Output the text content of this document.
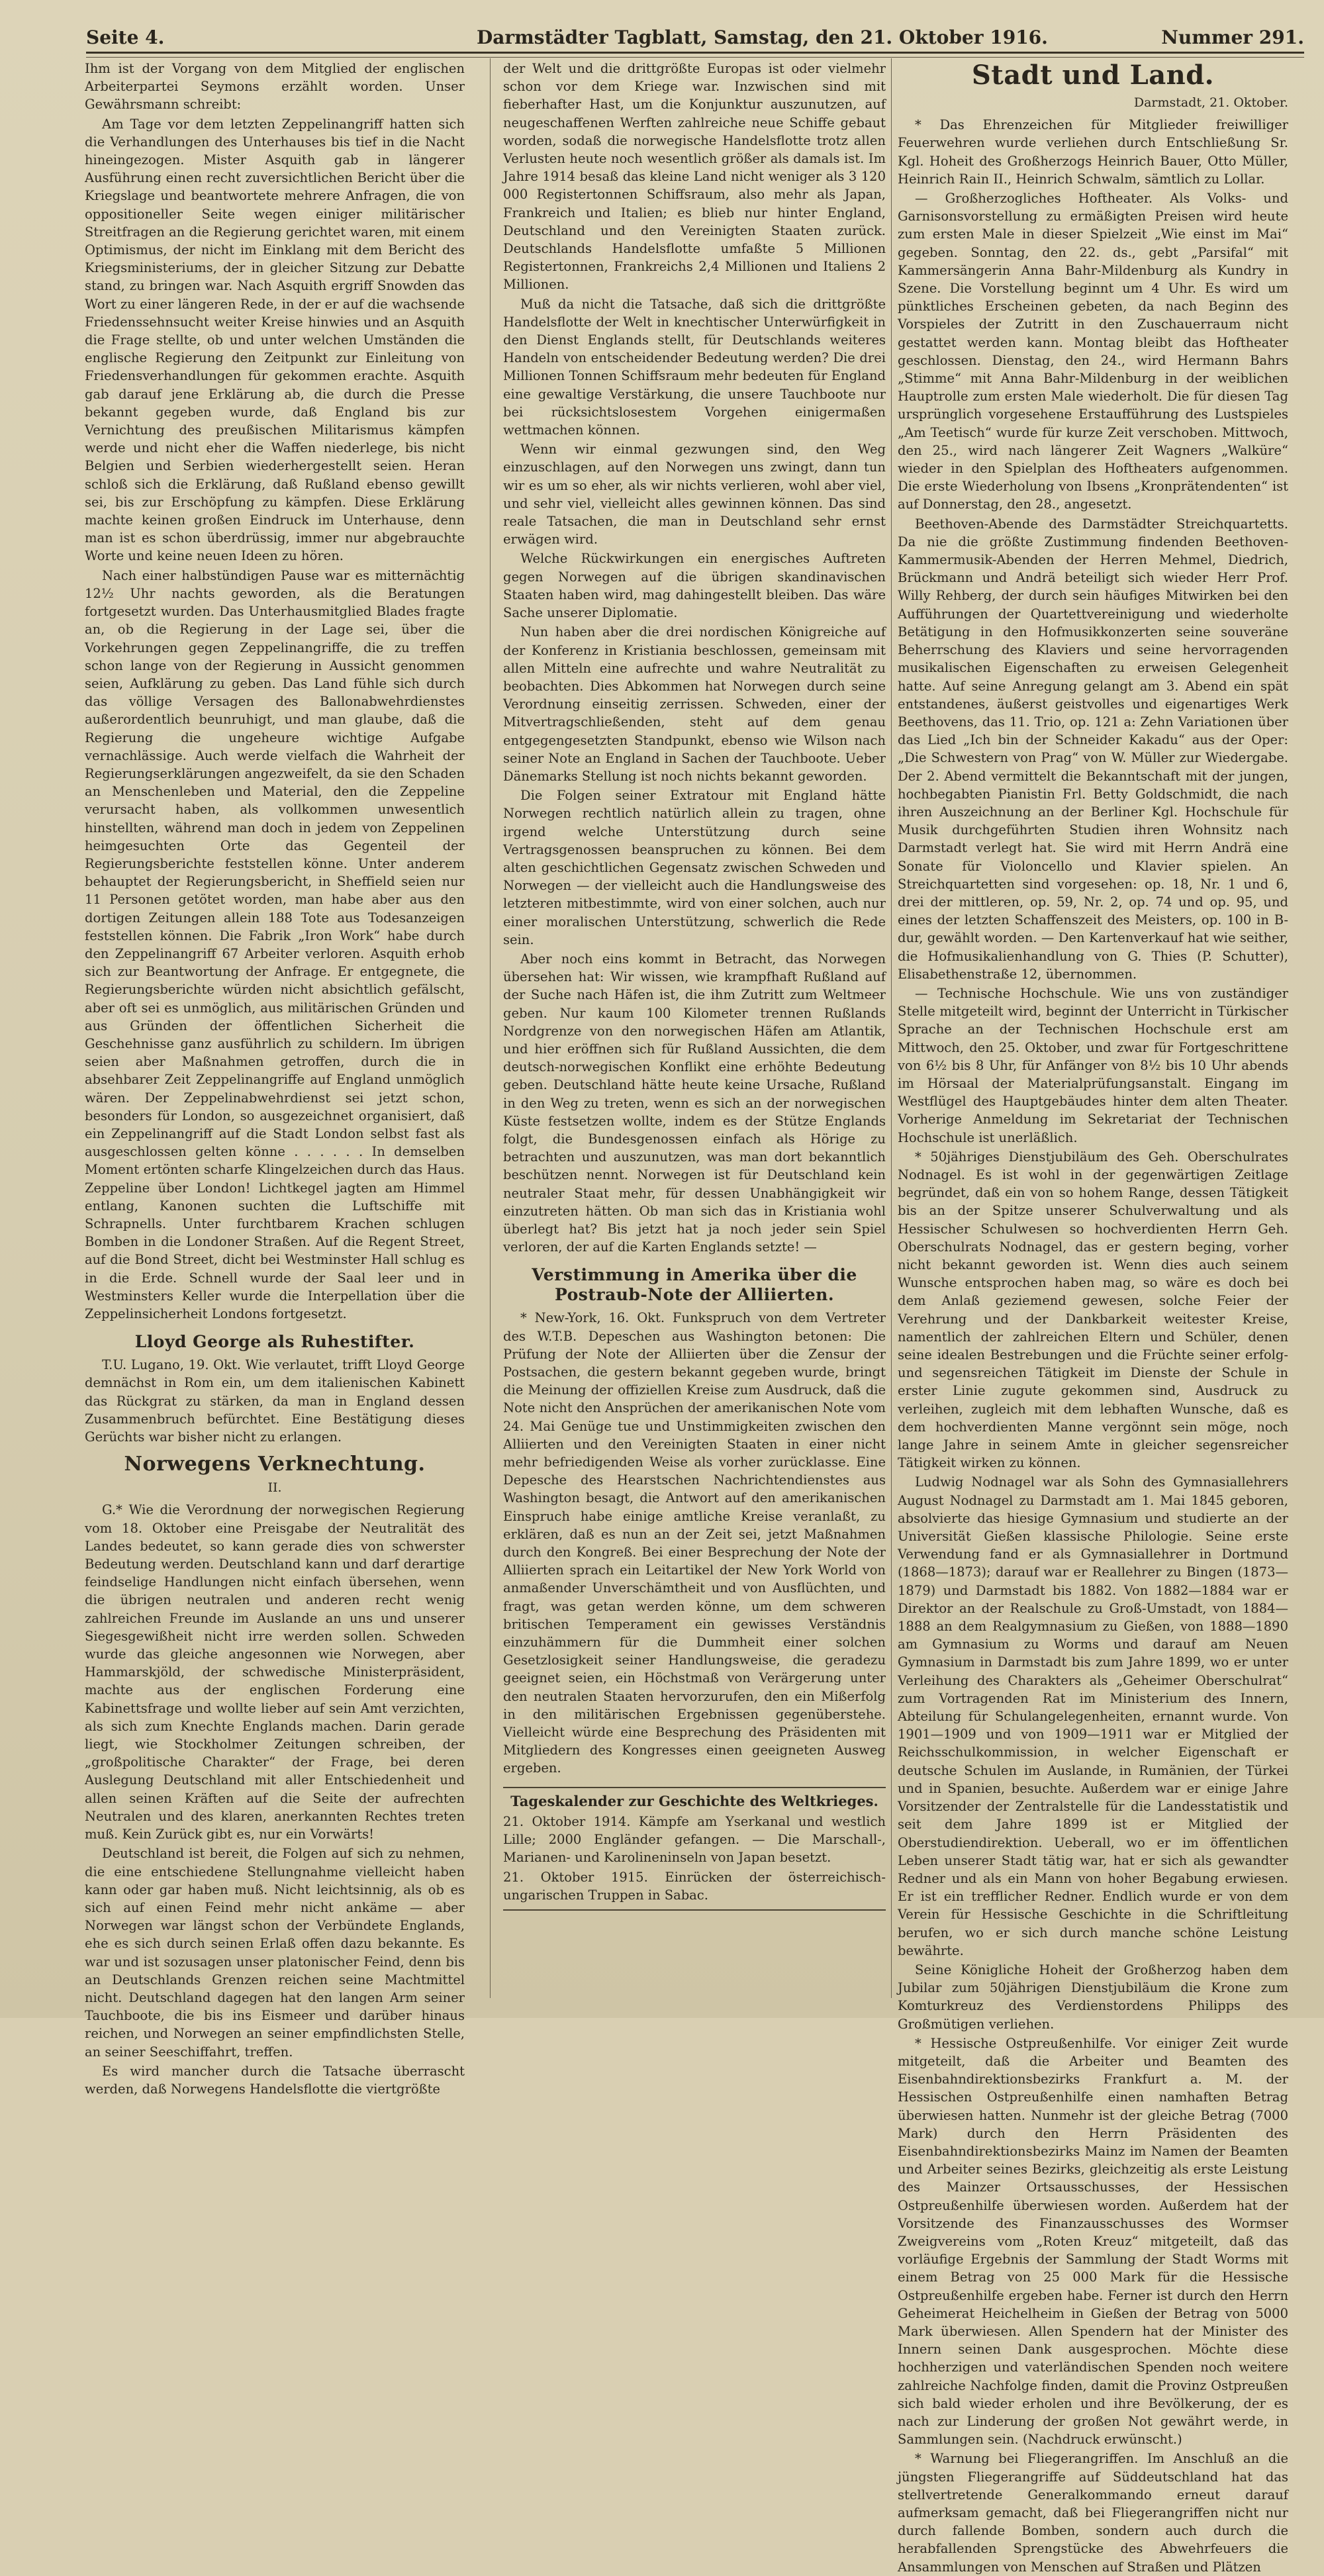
Seite 4.	Darmstädter Tagblatt, Samstag, den 21. Oktober 1916.	Nummer 291.

Ihm ist der Vorgang von dem Mitglied der englischen Arbeiterpartei Seymons erzählt worden. Unser Gewährsmann schreibt:

Am Tage vor dem letzten Zeppelinangriff hatten sich die Verhandlungen des Unterhauses bis tief in die Nacht hineingezogen. Mister Asquith gab in längerer Ausführung einen recht zuversichtlichen Bericht über die Kriegslage und beantwortete mehrere Anfragen, die von oppositioneller Seite wegen einiger militärischer Streitfragen an die Regierung gerichtet waren, mit einem Optimismus, der nicht im Einklang mit dem Bericht des Kriegsministeriums, der in gleicher Sitzung zur Debatte stand, zu bringen war. Nach Asquith ergriff Snowden das Wort zu einer längeren Rede, in der er auf die wachsende Friedenssehnsucht weiter Kreise hinwies und an Asquith die Frage stellte, ob und unter welchen Umständen die englische Regierung den Zeitpunkt zur Einleitung von Friedensverhandlungen für gekommen erachte. Asquith gab darauf jene Erklärung ab, die durch die Presse bekannt gegeben wurde, daß England bis zur Vernichtung des preußischen Militarismus kämpfen werde und nicht eher die Waffen niederlege, bis nicht Belgien und Serbien wiederhergestellt seien. Heran schloß sich die Erklärung, daß Rußland ebenso gewillt sei, bis zur Erschöpfung zu kämpfen. Diese Erklärung machte keinen großen Eindruck im Unterhause, denn man ist es schon überdrüssig, immer nur abgebrauchte Worte und keine neuen Ideen zu hören.

Nach einer halbstündigen Pause war es mitternächtig 12½ Uhr nachts geworden, als die Beratungen fortgesetzt wurden. Das Unterhausmitglied Blades fragte an, ob die Regierung in der Lage sei, über die Vorkehrungen gegen Zeppelinangriffe, die zu treffen schon lange von der Regierung in Aussicht genommen seien, Aufklärung zu geben. Das Land fühle sich durch das völlige Versagen des Ballonabwehrdienstes außerordentlich beunruhigt, und man glaube, daß die Regierung die ungeheure wichtige Aufgabe vernachlässige. Auch werde vielfach die Wahrheit der Regierungserklärungen angezweifelt, da sie den Schaden an Menschenleben und Material, den die Zeppeline verursacht haben, als vollkommen unwesentlich hinstellten, während man doch in jedem von Zeppelinen heimgesuchten Orte das Gegenteil der Regierungsberichte feststellen könne. Unter anderem behauptet der Regierungsbericht, in Sheffield seien nur 11 Personen getötet worden, man habe aber aus den dortigen Zeitungen allein 188 Tote aus Todesanzeigen feststellen können. Die Fabrik „Iron Work“ habe durch den Zeppelinangriff 67 Arbeiter verloren. Asquith erhob sich zur Beantwortung der Anfrage. Er entgegnete, die Regierungsberichte würden nicht absichtlich gefälscht, aber oft sei es unmöglich, aus militärischen Gründen und aus Gründen der öffentlichen Sicherheit die Geschehnisse ganz ausführlich zu schildern. Im übrigen seien aber Maßnahmen getroffen, durch die in absehbarer Zeit Zeppelinangriffe auf England unmöglich wären. Der Zeppelinabwehrdienst sei jetzt schon, besonders für London, so ausgezeichnet organisiert, daß ein Zeppelinangriff auf die Stadt London selbst fast als ausgeschlossen gelten könne . . . . . . In demselben Moment ertönten scharfe Klingelzeichen durch das Haus. Zeppeline über London! Lichtkegel jagten am Himmel entlang, Kanonen suchten die Luftschiffe mit Schrapnells. Unter furchtbarem Krachen schlugen Bomben in die Londoner Straßen. Auf die Regent Street, auf die Bond Street, dicht bei Westminster Hall schlug es in die Erde. Schnell wurde der Saal leer und in Westminsters Keller wurde die Interpellation über die Zeppelinsicherheit Londons fortgesetzt.

Lloyd George als Ruhestifter.

T.U. Lugano, 19. Okt. Wie verlautet, trifft Lloyd George demnächst in Rom ein, um dem italienischen Kabinett das Rückgrat zu stärken, da man in England dessen Zusammenbruch befürchtet. Eine Bestätigung dieses Gerüchts war bisher nicht zu erlangen.

Norwegens Verknechtung.
II.

G.* Wie die Verordnung der norwegischen Regierung vom 18. Oktober eine Preisgabe der Neutralität des Landes bedeutet, so kann gerade dies von schwerster Bedeutung werden. Deutschland kann und darf derartige feindselige Handlungen nicht einfach übersehen, wenn die übrigen neutralen und anderen recht wenig zahlreichen Freunde im Auslande an uns und unserer Siegesgewißheit nicht irre werden sollen. Schweden wurde das gleiche angesonnen wie Norwegen, aber Hammarskjöld, der schwedische Ministerpräsident, machte aus der englischen Forderung eine Kabinettsfrage und wollte lieber auf sein Amt verzichten, als sich zum Knechte Englands machen. Darin gerade liegt, wie Stockholmer Zeitungen schreiben, der „großpolitische Charakter“ der Frage, bei deren Auslegung Deutschland mit aller Entschiedenheit und allen seinen Kräften auf die Seite der aufrechten Neutralen und des klaren, anerkannten Rechtes treten muß. Kein Zurück gibt es, nur ein Vorwärts!

Deutschland ist bereit, die Folgen auf sich zu nehmen, die eine entschiedene Stellungnahme vielleicht haben kann oder gar haben muß. Nicht leichtsinnig, als ob es sich auf einen Feind mehr nicht ankäme — aber Norwegen war längst schon der Verbündete Englands, ehe es sich durch seinen Erlaß offen dazu bekannte. Es war und ist sozusagen unser platonischer Feind, denn bis an Deutschlands Grenzen reichen seine Machtmittel nicht. Deutschland dagegen hat den langen Arm seiner Tauchboote, die bis ins Eismeer und darüber hinaus reichen, und Norwegen an seiner empfindlichsten Stelle, an seiner Seeschiffahrt, treffen.

Es wird mancher durch die Tatsache überrascht werden, daß Norwegens Handelsflotte die viertgrößte

der Welt und die drittgrößte Europas ist oder vielmehr schon vor dem Kriege war. Inzwischen sind mit fieberhafter Hast, um die Konjunktur auszunutzen, auf neugeschaffenen Werften zahlreiche neue Schiffe gebaut worden, sodaß die norwegische Handelsflotte trotz allen Verlusten heute noch wesentlich größer als damals ist. Im Jahre 1914 besaß das kleine Land nicht weniger als 3 120 000 Registertonnen Schiffsraum, also mehr als Japan, Frankreich und Italien; es blieb nur hinter England, Deutschland und den Vereinigten Staaten zurück. Deutschlands Handelsflotte umfaßte 5 Millionen Registertonnen, Frankreichs 2,4 Millionen und Italiens 2 Millionen.

Muß da nicht die Tatsache, daß sich die drittgrößte Handelsflotte der Welt in knechtischer Unterwürfigkeit in den Dienst Englands stellt, für Deutschlands weiteres Handeln von entscheidender Bedeutung werden? Die drei Millionen Tonnen Schiffsraum mehr bedeuten für England eine gewaltige Verstärkung, die unsere Tauchboote nur bei rücksichtslosestem Vorgehen einigermaßen wettmachen können.

Wenn wir einmal gezwungen sind, den Weg einzuschlagen, auf den Norwegen uns zwingt, dann tun wir es um so eher, als wir nichts verlieren, wohl aber viel, und sehr viel, vielleicht alles gewinnen können. Das sind reale Tatsachen, die man in Deutschland sehr ernst erwägen wird.

Welche Rückwirkungen ein energisches Auftreten gegen Norwegen auf die übrigen skandinavischen Staaten haben wird, mag dahingestellt bleiben. Das wäre Sache unserer Diplomatie.

Nun haben aber die drei nordischen Königreiche auf der Konferenz in Kristiania beschlossen, gemeinsam mit allen Mitteln eine aufrechte und wahre Neutralität zu beobachten. Dies Abkommen hat Norwegen durch seine Verordnung einseitig zerrissen. Schweden, einer der Mitvertragschließenden, steht auf dem genau entgegengesetzten Standpunkt, ebenso wie Wilson nach seiner Note an England in Sachen der Tauchboote. Ueber Dänemarks Stellung ist noch nichts bekannt geworden.

Die Folgen seiner Extratour mit England hätte Norwegen rechtlich natürlich allein zu tragen, ohne irgend welche Unterstützung durch seine Vertragsgenossen beanspruchen zu können. Bei dem alten geschichtlichen Gegensatz zwischen Schweden und Norwegen — der vielleicht auch die Handlungsweise des letzteren mitbestimmte, wird von einer solchen, auch nur einer moralischen Unterstützung, schwerlich die Rede sein.

Aber noch eins kommt in Betracht, das Norwegen übersehen hat: Wir wissen, wie krampfhaft Rußland auf der Suche nach Häfen ist, die ihm Zutritt zum Weltmeer geben. Nur kaum 100 Kilometer trennen Rußlands Nordgrenze von den norwegischen Häfen am Atlantik, und hier eröffnen sich für Rußland Aussichten, die dem deutsch-norwegischen Konflikt eine erhöhte Bedeutung geben. Deutschland hätte heute keine Ursache, Rußland in den Weg zu treten, wenn es sich an der norwegischen Küste festsetzen wollte, indem es der Stütze Englands folgt, die Bundesgenossen einfach als Hörige zu betrachten und auszunutzen, was man dort bekanntlich beschützen nennt. Norwegen ist für Deutschland kein neutraler Staat mehr, für dessen Unabhängigkeit wir einzutreten hätten. Ob man sich das in Kristiania wohl überlegt hat? Bis jetzt hat ja noch jeder sein Spiel verloren, der auf die Karten Englands setzte! —

Verstimmung in Amerika über die Postraub-Note der Alliierten.

* New-York, 16. Okt. Funkspruch von dem Vertreter des W.T.B. Depeschen aus Washington betonen: Die Prüfung der Note der Alliierten über die Zensur der Postsachen, die gestern bekannt gegeben wurde, bringt die Meinung der offiziellen Kreise zum Ausdruck, daß die Note nicht den Ansprüchen der amerikanischen Note vom 24. Mai Genüge tue und Unstimmigkeiten zwischen den Alliierten und den Vereinigten Staaten in einer nicht mehr befriedigenden Weise als vorher zurücklasse. Eine Depesche des Hearstschen Nachrichtendienstes aus Washington besagt, die Antwort auf den amerikanischen Einspruch habe einige amtliche Kreise veranlaßt, zu erklären, daß es nun an der Zeit sei, jetzt Maßnahmen durch den Kongreß. Bei einer Besprechung der Note der Alliierten sprach ein Leitartikel der New York World von anmaßender Unverschämtheit und von Ausflüchten, und fragt, was getan werden könne, um dem schweren britischen Temperament ein gewisses Verständnis einzuhämmern für die Dummheit einer solchen Gesetzlosigkeit seiner Handlungsweise, die geradezu geeignet seien, ein Höchstmaß von Verärgerung unter den neutralen Staaten hervorzurufen, den ein Mißerfolg in den militärischen Ergebnissen gegenüberstehe. Vielleicht würde eine Besprechung des Präsidenten mit Mitgliedern des Kongresses einen geeigneten Ausweg ergeben.

Tageskalender zur Geschichte des Weltkrieges.

21. Oktober 1914. Kämpfe am Yserkanal und westlich Lille; 2000 Engländer gefangen. — Die Marschall-, Marianen- und Karolineninseln von Japan besetzt.

21. Oktober 1915. Einrücken der österreichisch-ungarischen Truppen in Sabac.

Stadt und Land.
Darmstadt, 21. Oktober.

* Das Ehrenzeichen für Mitglieder freiwilliger Feuerwehren wurde verliehen durch Entschließung Sr. Kgl. Hoheit des Großherzogs Heinrich Bauer, Otto Müller, Heinrich Rain II., Heinrich Schwalm, sämtlich zu Lollar.

— Großherzogliches Hoftheater. Als Volks- und Garnisonsvorstellung zu ermäßigten Preisen wird heute zum ersten Male in dieser Spielzeit „Wie einst im Mai“ gegeben. Sonntag, den 22. ds., gebt „Parsifal“ mit Kammersängerin Anna Bahr-Mildenburg als Kundry in Szene. Die Vorstellung beginnt um 4 Uhr. Es wird um pünktliches Erscheinen gebeten, da nach Beginn des Vorspieles der Zutritt in den Zuschauerraum nicht gestattet werden kann. Montag bleibt das Hoftheater geschlossen. Dienstag, den 24., wird Hermann Bahrs „Stimme“ mit Anna Bahr-Mildenburg in der weiblichen Hauptrolle zum ersten Male wiederholt. Die für diesen Tag ursprünglich vorgesehene Erstaufführung des Lustspieles „Am Teetisch“ wurde für kurze Zeit verschoben. Mittwoch, den 25., wird nach längerer Zeit Wagners „Walküre“ wieder in den Spielplan des Hoftheaters aufgenommen. Die erste Wiederholung von Ibsens „Kronprätendenten“ ist auf Donnerstag, den 28., angesetzt.

Beethoven-Abende des Darmstädter Streichquartetts. Da nie die größte Zustimmung findenden Beethoven-Kammermusik-Abenden der Herren Mehmel, Diedrich, Brückmann und Andrä beteiligt sich wieder Herr Prof. Willy Rehberg, der durch sein häufiges Mitwirken bei den Aufführungen der Quartettvereinigung und wiederholte Betätigung in den Hofmusikkonzerten seine souveräne Beherrschung des Klaviers und seine hervorragenden musikalischen Eigenschaften zu erweisen Gelegenheit hatte. Auf seine Anregung gelangt am 3. Abend ein spät entstandenes, äußerst geistvolles und eigenartiges Werk Beethovens, das 11. Trio, op. 121 a: Zehn Variationen über das Lied „Ich bin der Schneider Kakadu“ aus der Oper: „Die Schwestern von Prag“ von W. Müller zur Wiedergabe. Der 2. Abend vermittelt die Bekanntschaft mit der jungen, hochbegabten Pianistin Frl. Betty Goldschmidt, die nach ihren Auszeichnung an der Berliner Kgl. Hochschule für Musik durchgeführten Studien ihren Wohnsitz nach Darmstadt verlegt hat. Sie wird mit Herrn Andrä eine Sonate für Violoncello und Klavier spielen. An Streichquartetten sind vorgesehen: op. 18, Nr. 1 und 6, drei der mittleren, op. 59, Nr. 2, op. 74 und op. 95, und eines der letzten Schaffenszeit des Meisters, op. 100 in B-dur, gewählt worden. — Den Kartenverkauf hat wie seither, die Hofmusikalienhandlung von G. Thies (P. Schutter), Elisabethenstraße 12, übernommen.

— Technische Hochschule. Wie uns von zuständiger Stelle mitgeteilt wird, beginnt der Unterricht in Türkischer Sprache an der Technischen Hochschule erst am Mittwoch, den 25. Oktober, und zwar für Fortgeschrittene von 6½ bis 8 Uhr, für Anfänger von 8½ bis 10 Uhr abends im Hörsaal der Materialprüfungsanstalt. Eingang im Westflügel des Hauptgebäudes hinter dem alten Theater. Vorherige Anmeldung im Sekretariat der Technischen Hochschule ist unerläßlich.

* 50jähriges Dienstjubiläum des Geh. Oberschulrates Nodnagel. Es ist wohl in der gegenwärtigen Zeitlage begründet, daß ein von so hohem Range, dessen Tätigkeit bis an der Spitze unserer Schulverwaltung und als Hessischer Schulwesen so hochverdienten Herrn Geh. Oberschulrats Nodnagel, das er gestern beging, vorher nicht bekannt geworden ist. Wenn dies auch seinem Wunsche entsprochen haben mag, so wäre es doch bei dem Anlaß geziemend gewesen, solche Feier der Verehrung und der Dankbarkeit weitester Kreise, namentlich der zahlreichen Eltern und Schüler, denen seine idealen Bestrebungen und die Früchte seiner erfolg- und segensreichen Tätigkeit im Dienste der Schule in erster Linie zugute gekommen sind, Ausdruck zu verleihen, zugleich mit dem lebhaften Wunsche, daß es dem hochverdienten Manne vergönnt sein möge, noch lange Jahre in seinem Amte in gleicher segensreicher Tätigkeit wirken zu können.

Ludwig Nodnagel war als Sohn des Gymnasiallehrers August Nodnagel zu Darmstadt am 1. Mai 1845 geboren, absolvierte das hiesige Gymnasium und studierte an der Universität Gießen klassische Philologie. Seine erste Verwendung fand er als Gymnasiallehrer in Dortmund (1868—1873); darauf war er Reallehrer zu Bingen (1873—1879) und Darmstadt bis 1882. Von 1882—1884 war er Direktor an der Realschule zu Groß-Umstadt, von 1884—1888 an dem Realgymnasium zu Gießen, von 1888—1890 am Gymnasium zu Worms und darauf am Neuen Gymnasium in Darmstadt bis zum Jahre 1899, wo er unter Verleihung des Charakters als „Geheimer Oberschulrat“ zum Vortragenden Rat im Ministerium des Innern, Abteilung für Schulangelegenheiten, ernannt wurde. Von 1901—1909 und von 1909—1911 war er Mitglied der Reichsschulkommission, in welcher Eigenschaft er deutsche Schulen im Auslande, in Rumänien, der Türkei und in Spanien, besuchte. Außerdem war er einige Jahre Vorsitzender der Zentralstelle für die Landesstatistik und seit dem Jahre 1899 ist er Mitglied der Oberstudiendirektion. Ueberall, wo er im öffentlichen Leben unserer Stadt tätig war, hat er sich als gewandter Redner und als ein Mann von hoher Begabung erwiesen. Er ist ein trefflicher Redner. Endlich wurde er von dem Verein für Hessische Geschichte in die Schriftleitung berufen, wo er sich durch manche schöne Leistung bewährte.

Seine Königliche Hoheit der Großherzog haben dem Jubilar zum 50jährigen Dienstjubiläum die Krone zum Komturkreuz des Verdienstordens Philipps des Großmütigen verliehen.

* Hessische Ostpreußenhilfe. Vor einiger Zeit wurde mitgeteilt, daß die Arbeiter und Beamten des Eisenbahndirektionsbezirks Frankfurt a. M. der Hessischen Ostpreußenhilfe einen namhaften Betrag überwiesen hatten. Nunmehr ist der gleiche Betrag (7000 Mark) durch den Herrn Präsidenten des Eisenbahndirektionsbezirks Mainz im Namen der Beamten und Arbeiter seines Bezirks, gleichzeitig als erste Leistung des Mainzer Ortsausschusses, der Hessischen Ostpreußenhilfe überwiesen worden. Außerdem hat der Vorsitzende des Finanzausschusses des Wormser Zweigvereins vom „Roten Kreuz“ mitgeteilt, daß das vorläufige Ergebnis der Sammlung der Stadt Worms mit einem Betrag von 25 000 Mark für die Hessische Ostpreußenhilfe ergeben habe. Ferner ist durch den Herrn Geheimerat Heichelheim in Gießen der Betrag von 5000 Mark überwiesen. Allen Spendern hat der Minister des Innern seinen Dank ausgesprochen. Möchte diese hochherzigen und vaterländischen Spenden noch weitere zahlreiche Nachfolge finden, damit die Provinz Ostpreußen sich bald wieder erholen und ihre Bevölkerung, der es nach zur Linderung der großen Not gewährt werde, in Sammlungen sein. (Nachdruck erwünscht.)

* Warnung bei Fliegerangriffen. Im Anschluß an die jüngsten Fliegerangriffe auf Süddeutschland hat das stellvertretende Generalkommando erneut darauf aufmerksam gemacht, daß bei Fliegerangriffen nicht nur durch fallende Bomben, sondern auch durch die herabfallenden Sprengstücke des Abwehrfeuers die Ansammlungen von Menschen auf Straßen und Plätzen
